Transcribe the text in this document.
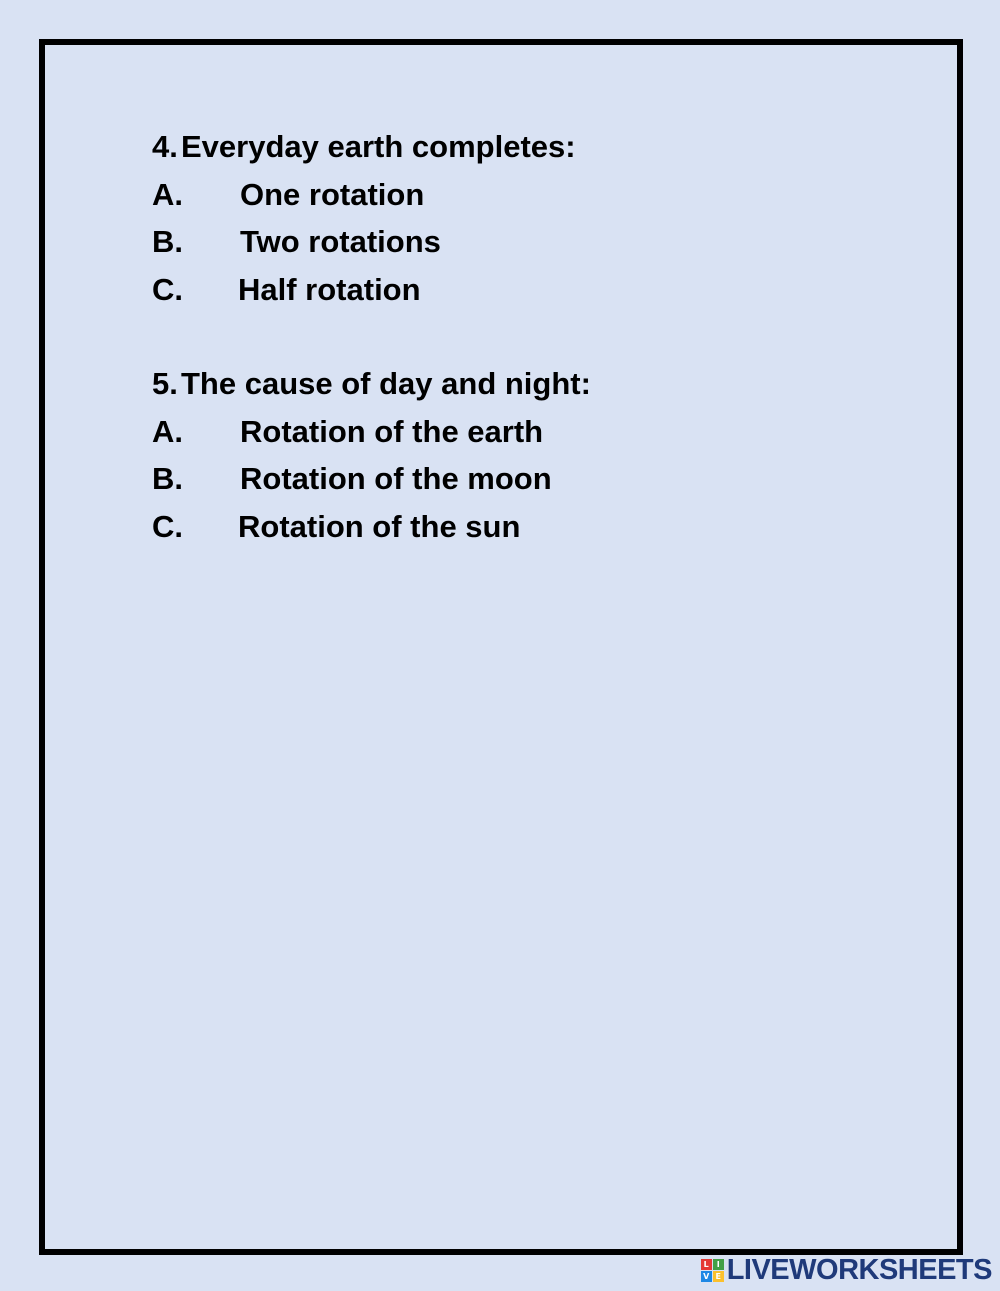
4. Everyday earth completes:
A. One rotation
B. Two rotations
C. Half rotation
5. The cause of day and night:
A. Rotation of the earth
B. Rotation of the moon
C. Rotation of the sun
L I
V E LIVEWORKSHEETS
